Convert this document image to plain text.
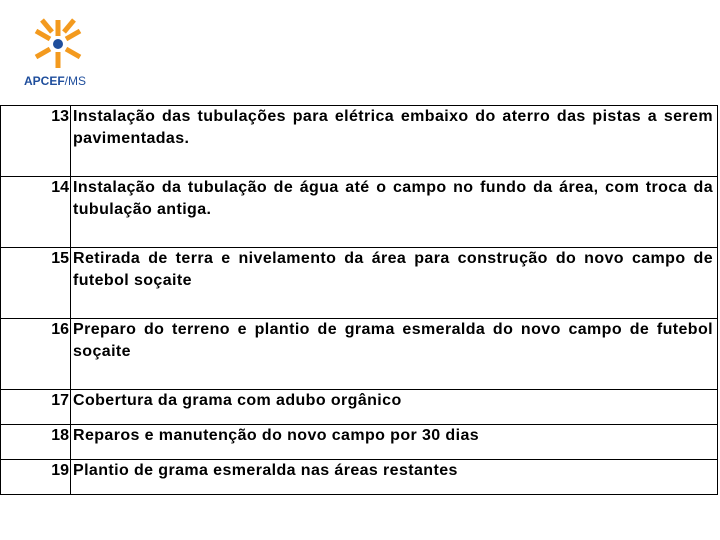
APCEF/MS
13	Instalação das tubulações para elétrica embaixo do aterro das pistas a serem pavimentadas.
14	Instalação da tubulação de água até o campo no fundo da área, com troca da tubulação antiga.
15	Retirada de terra e nivelamento da área para construção do novo campo de futebol soçaite
16	Preparo do terreno e plantio de grama esmeralda do novo campo de futebol soçaite
17	Cobertura da grama com adubo orgânico
18	Reparos e manutenção do novo campo por 30 dias
19	Plantio de grama esmeralda nas áreas restantes
